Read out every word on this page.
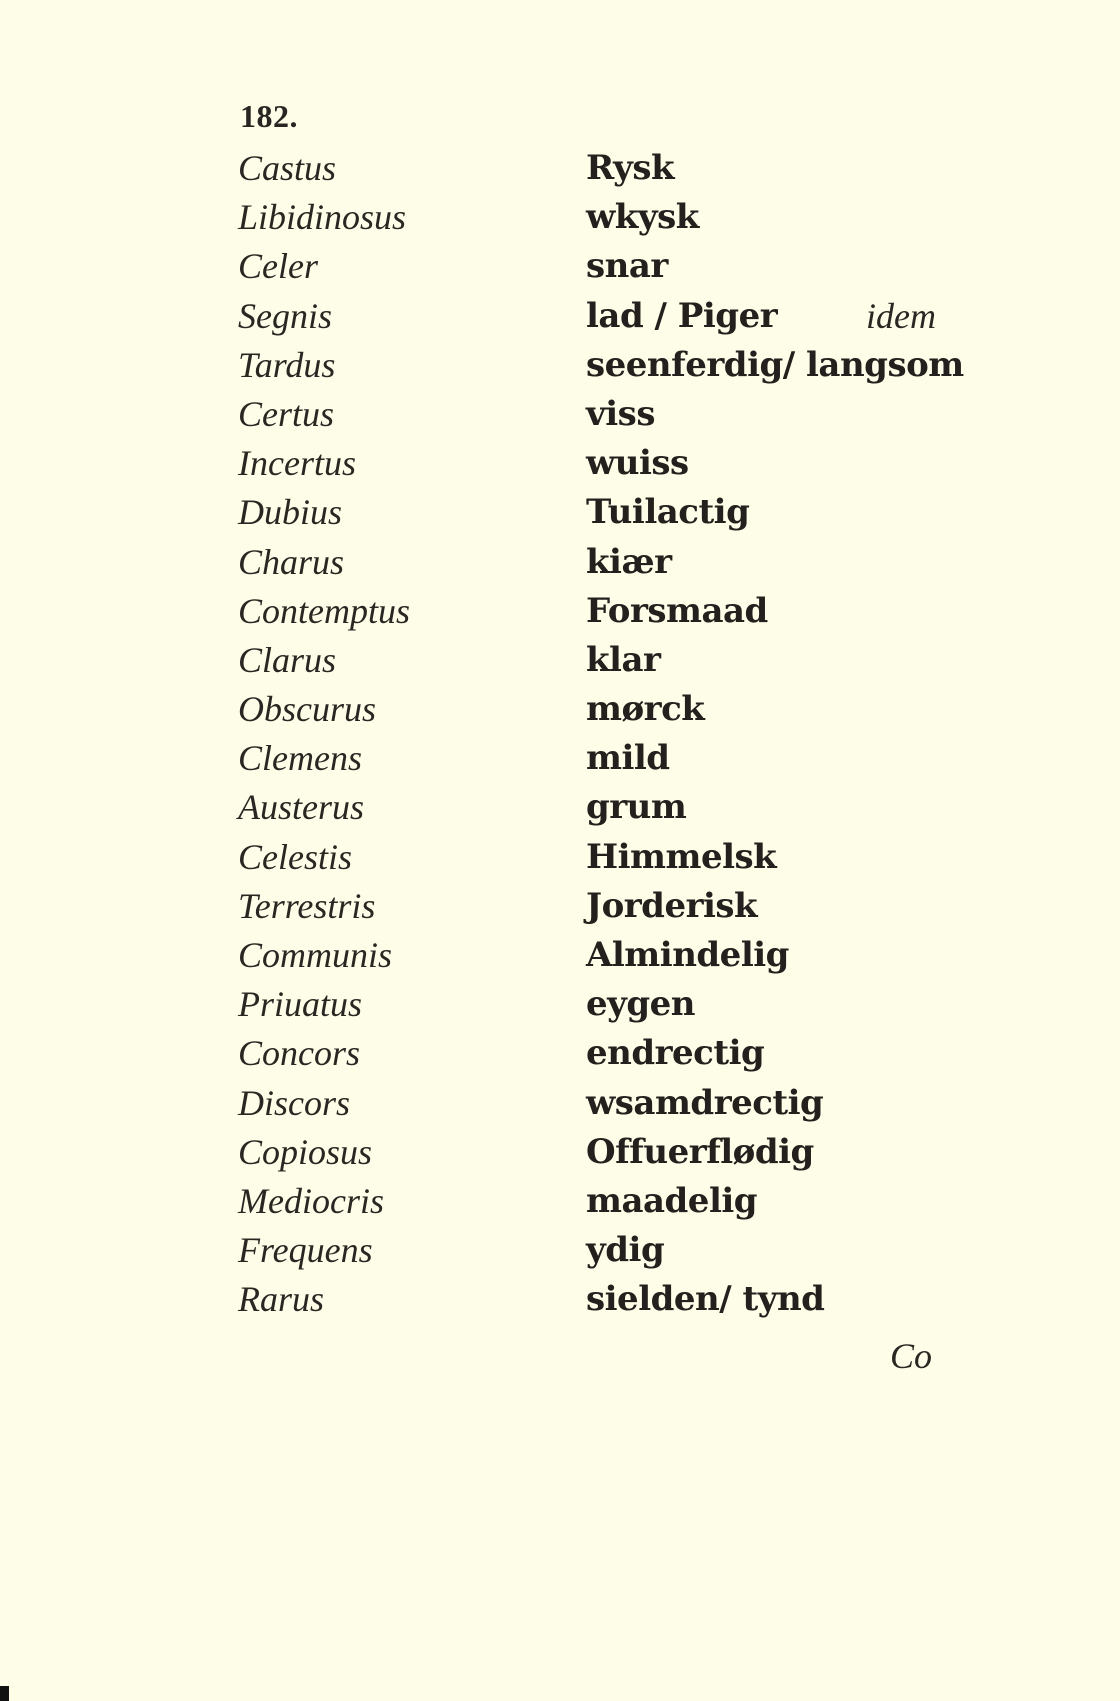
182.
Castus	Rysk
Libidinosus	wkysk
Celer	snar
Segnis	lad / Piger idem
Tardus	seenferdig/ langsom
Certus	viss
Incertus	wuiss
Dubius	Tuilactig
Charus	kiær
Contemptus	Forsmaad
Clarus	klar
Obscurus	mørck
Clemens	mild
Austerus	grum
Celestis	Himmelsk
Terrestris	Jorderisk
Communis	Almindelig
Priuatus	eygen
Concors	endrectig
Discors	wsamdrectig
Copiosus	Offuerflødig
Mediocris	maadelig
Frequens	ydig
Rarus	sielden/ tynd
Co
